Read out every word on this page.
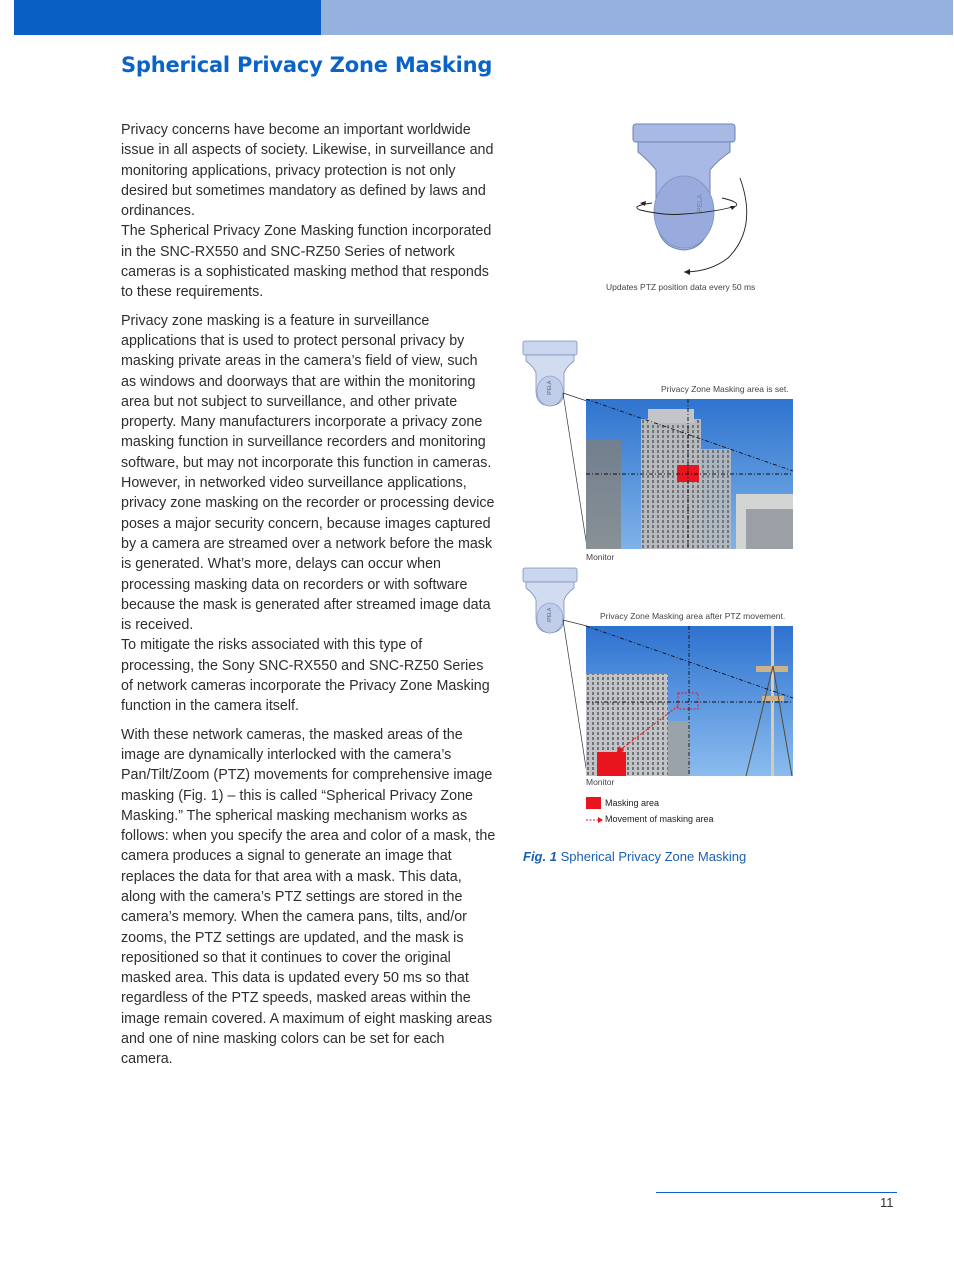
Spherical Privacy Zone Masking

Privacy concerns have become an important worldwide issue in all aspects of society. Likewise, in surveillance and monitoring applications, privacy protection is not only desired but sometimes mandatory as defined by laws and ordinances.

The Spherical Privacy Zone Masking function incorporated in the SNC-RX550 and SNC-RZ50 Series of network cameras is a sophisticated masking method that responds to these requirements.

Privacy zone masking is a feature in surveillance applications that is used to protect personal privacy by masking private areas in the camera’s field of view, such as windows and doorways that are within the monitoring area but not subject to surveillance, and other private property. Many manufacturers incorporate a privacy zone masking function in surveillance recorders and monitoring software, but may not incorporate this function in cameras. However, in networked video surveillance applications, privacy zone masking on the recorder or processing device poses a major security concern, because images captured by a camera are streamed over a network before the mask is generated. What’s more, delays can occur when processing masking data on recorders or with software because the mask is generated after streamed image data is received.

To mitigate the risks associated with this type of processing, the Sony SNC-RX550 and SNC-RZ50 Series of network cameras incorporate the Privacy Zone Masking function in the camera itself.

With these network cameras, the masked areas of the image are dynamically interlocked with the camera’s Pan/Tilt/Zoom (PTZ) movements for comprehensive image masking (Fig. 1) – this is called “Spherical Privacy Zone Masking.” The spherical masking mechanism works as follows: when you specify the area and color of a mask, the camera produces a signal to generate an image that replaces the data for that area with a mask. This data, along with the camera’s PTZ settings are stored in the camera’s memory. When the camera pans, tilts, and/or zooms, the PTZ settings are updated, and the mask is repositioned so that it continues to cover the original masked area. This data is updated every 50 ms so that regardless of the PTZ speeds, masked areas within the image remain covered. A maximum of eight masking areas and one of nine masking colors can be set for each camera.

IPELA
Updates PTZ position data every 50 ms
IPELA	Privacy Zone Masking area is set.
Monitor
IPELA	Privacy Zone Masking area after PTZ movement.
Monitor
Masking area
Movement of masking area
Fig. 1 Spherical Privacy Zone Masking
11
